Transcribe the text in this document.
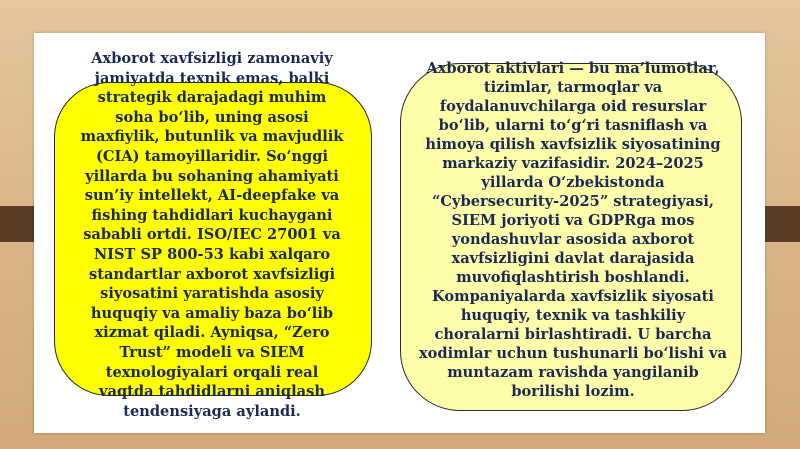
Axborot xavfsizligi zamonaviy jamiyatda texnik emas, balki strategik darajadagi muhim soha bo‘lib, uning asosi maxfiylik, butunlik va mavjudlik (CIA) tamoyillaridir. So‘nggi yillarda bu sohaning ahamiyati sun’iy intellekt, AI-deepfake va fishing tahdidlari kuchaygani sababli ortdi. ISO/IEC 27001 va NIST SP 800-53 kabi xalqaro standartlar axborot xavfsizligi siyosatini yaratishda asosiy huquqiy va amaliy baza bo‘lib xizmat qiladi. Ayniqsa, “Zero Trust” modeli va SIEM texnologiyalari orqali real vaqtda tahdidlarni aniqlash tendensiyaga aylandi.

Axborot aktivlari — bu ma’lumotlar, tizimlar, tarmoqlar va foydalanuvchilarga oid resurslar bo‘lib, ularni to‘g‘ri tasniflash va himoya qilish xavfsizlik siyosatining markaziy vazifasidir. 2024–2025 yillarda O‘zbekistonda “Cybersecurity-2025” strategiyasi, SIEM joriyoti va GDPRga mos yondashuvlar asosida axborot xavfsizligini davlat darajasida muvofiqlashtirish boshlandi. Kompaniyalarda xavfsizlik siyosati huquqiy, texnik va tashkiliy choralarni birlashtiradi. U barcha xodimlar uchun tushunarli bo‘lishi va muntazam ravishda yangilanib borilishi lozim.
